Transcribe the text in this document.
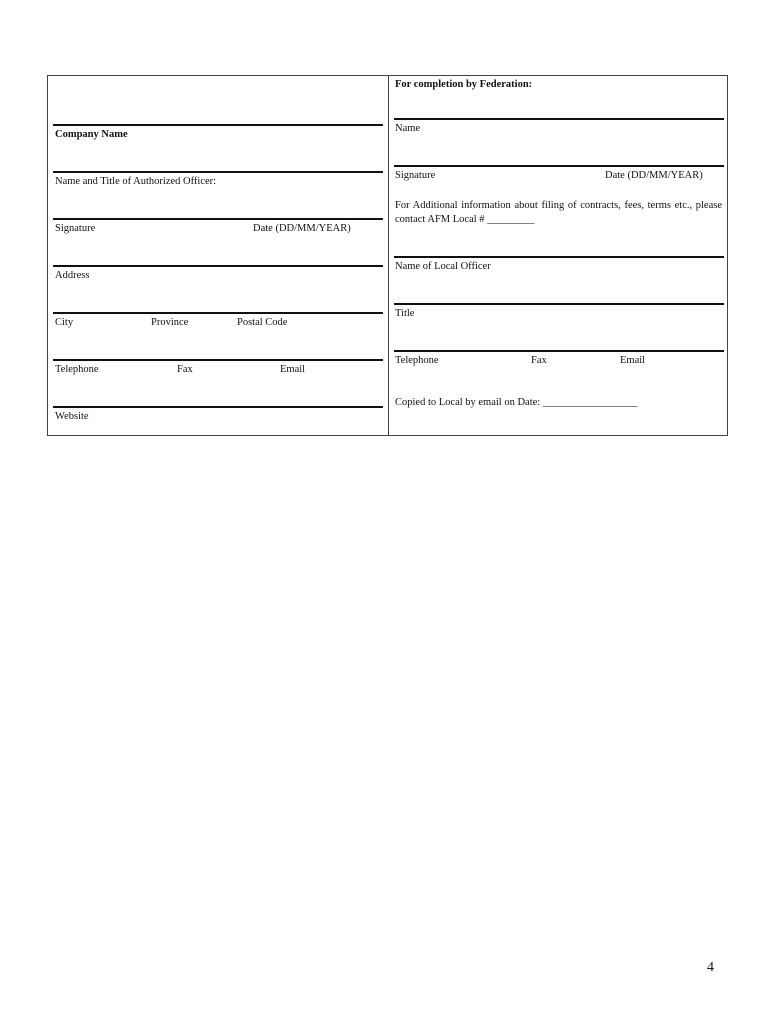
Company Name
Name and Title of Authorized Officer:
Signature	Date (DD/MM/YEAR)
Address
City	Province	Postal Code
Telephone	Fax	Email
Website
For completion by Federation:
Name
Signature	Date (DD/MM/YEAR)
For Additional information about filing of contracts, fees, terms etc., please contact AFM Local # _________
Name of Local Officer
Title
Telephone	Fax	Email
Copied to Local by email on Date: __________________
4
